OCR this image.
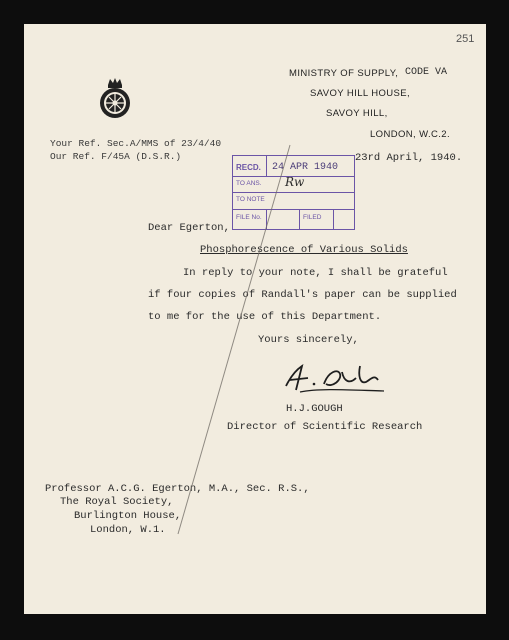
251
MINISTRY OF SUPPLY, CODE VA
SAVOY HILL HOUSE,
SAVOY HILL,
LONDON, W.C.2.
Your Ref. Sec.A/MMS of 23/4/40
Our Ref. F/45A (D.S.R.)	23rd April, 1940.
RECD. 24 APR 1940
TO ANS. Rw
TO NOTE
FILE No.	FILED
Dear Egerton,
Phosphorescence of Various Solids
In reply to your note, I shall be grateful
if four copies of Randall's paper can be supplied
to me for the use of this Department.
Yours sincerely,
H.J.GOUGH
Director of Scientific Research
Professor A.C.G. Egerton, M.A., Sec. R.S.,
The Royal Society,
Burlington House,
London, W.1.
